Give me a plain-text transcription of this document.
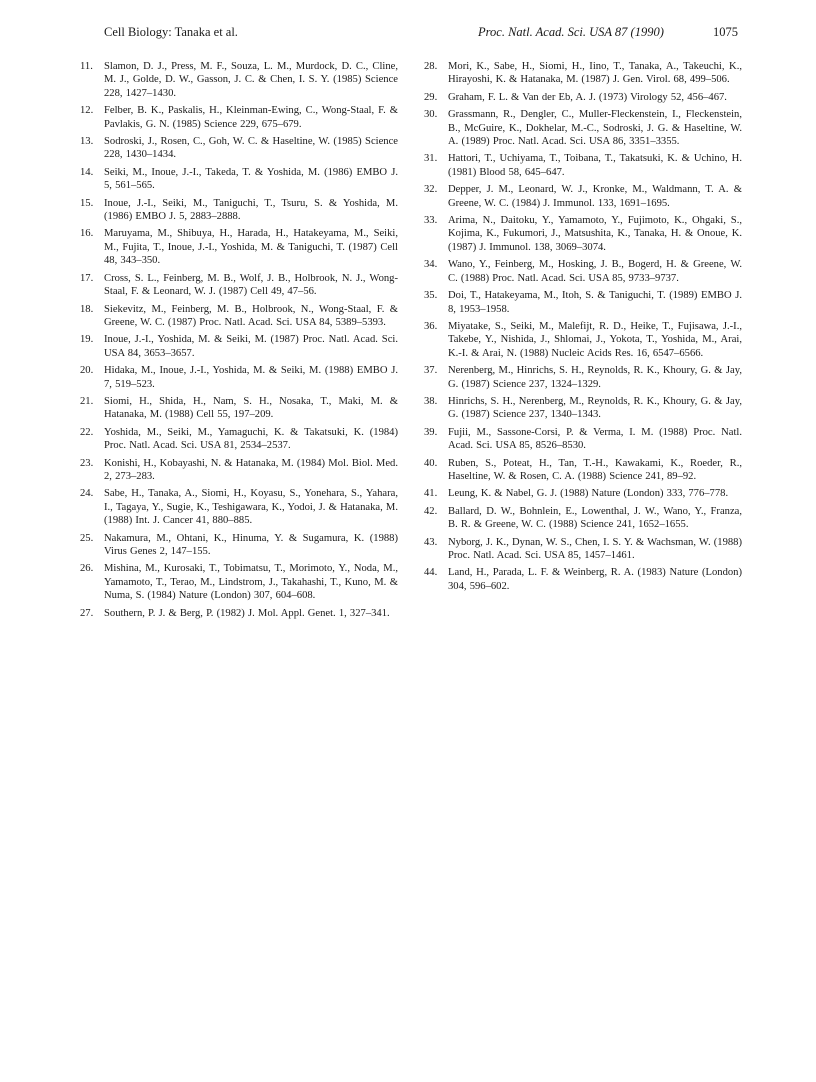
Cell Biology: Tanaka et al.	Proc. Natl. Acad. Sci. USA 87 (1990)	1075
11. Slamon, D. J., Press, M. F., Souza, L. M., Murdock, D. C., Cline, M. J., Golde, D. W., Gasson, J. C. & Chen, I. S. Y. (1985) Science 228, 1427–1430.
12. Felber, B. K., Paskalis, H., Kleinman-Ewing, C., Wong-Staal, F. & Pavlakis, G. N. (1985) Science 229, 675–679.
13. Sodroski, J., Rosen, C., Goh, W. C. & Haseltine, W. (1985) Science 228, 1430–1434.
14. Seiki, M., Inoue, J.-I., Takeda, T. & Yoshida, M. (1986) EMBO J. 5, 561–565.
15. Inoue, J.-I., Seiki, M., Taniguchi, T., Tsuru, S. & Yoshida, M. (1986) EMBO J. 5, 2883–2888.
16. Maruyama, M., Shibuya, H., Harada, H., Hatakeyama, M., Seiki, M., Fujita, T., Inoue, J.-I., Yoshida, M. & Taniguchi, T. (1987) Cell 48, 343–350.
17. Cross, S. L., Feinberg, M. B., Wolf, J. B., Holbrook, N. J., Wong-Staal, F. & Leonard, W. J. (1987) Cell 49, 47–56.
18. Siekevitz, M., Feinberg, M. B., Holbrook, N., Wong-Staal, F. & Greene, W. C. (1987) Proc. Natl. Acad. Sci. USA 84, 5389–5393.
19. Inoue, J.-I., Yoshida, M. & Seiki, M. (1987) Proc. Natl. Acad. Sci. USA 84, 3653–3657.
20. Hidaka, M., Inoue, J.-I., Yoshida, M. & Seiki, M. (1988) EMBO J. 7, 519–523.
21. Siomi, H., Shida, H., Nam, S. H., Nosaka, T., Maki, M. & Hatanaka, M. (1988) Cell 55, 197–209.
22. Yoshida, M., Seiki, M., Yamaguchi, K. & Takatsuki, K. (1984) Proc. Natl. Acad. Sci. USA 81, 2534–2537.
23. Konishi, H., Kobayashi, N. & Hatanaka, M. (1984) Mol. Biol. Med. 2, 273–283.
24. Sabe, H., Tanaka, A., Siomi, H., Koyasu, S., Yonehara, S., Yahara, I., Tagaya, Y., Sugie, K., Teshigawara, K., Yodoi, J. & Hatanaka, M. (1988) Int. J. Cancer 41, 880–885.
25. Nakamura, M., Ohtani, K., Hinuma, Y. & Sugamura, K. (1988) Virus Genes 2, 147–155.
26. Mishina, M., Kurosaki, T., Tobimatsu, T., Morimoto, Y., Noda, M., Yamamoto, T., Terao, M., Lindstrom, J., Takahashi, T., Kuno, M. & Numa, S. (1984) Nature (London) 307, 604–608.
27. Southern, P. J. & Berg, P. (1982) J. Mol. Appl. Genet. 1, 327–341.
28. Mori, K., Sabe, H., Siomi, H., Iino, T., Tanaka, A., Takeuchi, K., Hirayoshi, K. & Hatanaka, M. (1987) J. Gen. Virol. 68, 499–506.
29. Graham, F. L. & Van der Eb, A. J. (1973) Virology 52, 456–467.
30. Grassmann, R., Dengler, C., Muller-Fleckenstein, I., Fleckenstein, B., McGuire, K., Dokhelar, M.-C., Sodroski, J. G. & Haseltine, W. A. (1989) Proc. Natl. Acad. Sci. USA 86, 3351–3355.
31. Hattori, T., Uchiyama, T., Toibana, T., Takatsuki, K. & Uchino, H. (1981) Blood 58, 645–647.
32. Depper, J. M., Leonard, W. J., Kronke, M., Waldmann, T. A. & Greene, W. C. (1984) J. Immunol. 133, 1691–1695.
33. Arima, N., Daitoku, Y., Yamamoto, Y., Fujimoto, K., Ohgaki, S., Kojima, K., Fukumori, J., Matsushita, K., Tanaka, H. & Onoue, K. (1987) J. Immunol. 138, 3069–3074.
34. Wano, Y., Feinberg, M., Hosking, J. B., Bogerd, H. & Greene, W. C. (1988) Proc. Natl. Acad. Sci. USA 85, 9733–9737.
35. Doi, T., Hatakeyama, M., Itoh, S. & Taniguchi, T. (1989) EMBO J. 8, 1953–1958.
36. Miyatake, S., Seiki, M., Malefijt, R. D., Heike, T., Fujisawa, J.-I., Takebe, Y., Nishida, J., Shlomai, J., Yokota, T., Yoshida, M., Arai, K.-I. & Arai, N. (1988) Nucleic Acids Res. 16, 6547–6566.
37. Nerenberg, M., Hinrichs, S. H., Reynolds, R. K., Khoury, G. & Jay, G. (1987) Science 237, 1324–1329.
38. Hinrichs, S. H., Nerenberg, M., Reynolds, R. K., Khoury, G. & Jay, G. (1987) Science 237, 1340–1343.
39. Fujii, M., Sassone-Corsi, P. & Verma, I. M. (1988) Proc. Natl. Acad. Sci. USA 85, 8526–8530.
40. Ruben, S., Poteat, H., Tan, T.-H., Kawakami, K., Roeder, R., Haseltine, W. & Rosen, C. A. (1988) Science 241, 89–92.
41. Leung, K. & Nabel, G. J. (1988) Nature (London) 333, 776–778.
42. Ballard, D. W., Bohnlein, E., Lowenthal, J. W., Wano, Y., Franza, B. R. & Greene, W. C. (1988) Science 241, 1652–1655.
43. Nyborg, J. K., Dynan, W. S., Chen, I. S. Y. & Wachsman, W. (1988) Proc. Natl. Acad. Sci. USA 85, 1457–1461.
44. Land, H., Parada, L. F. & Weinberg, R. A. (1983) Nature (London) 304, 596–602.
